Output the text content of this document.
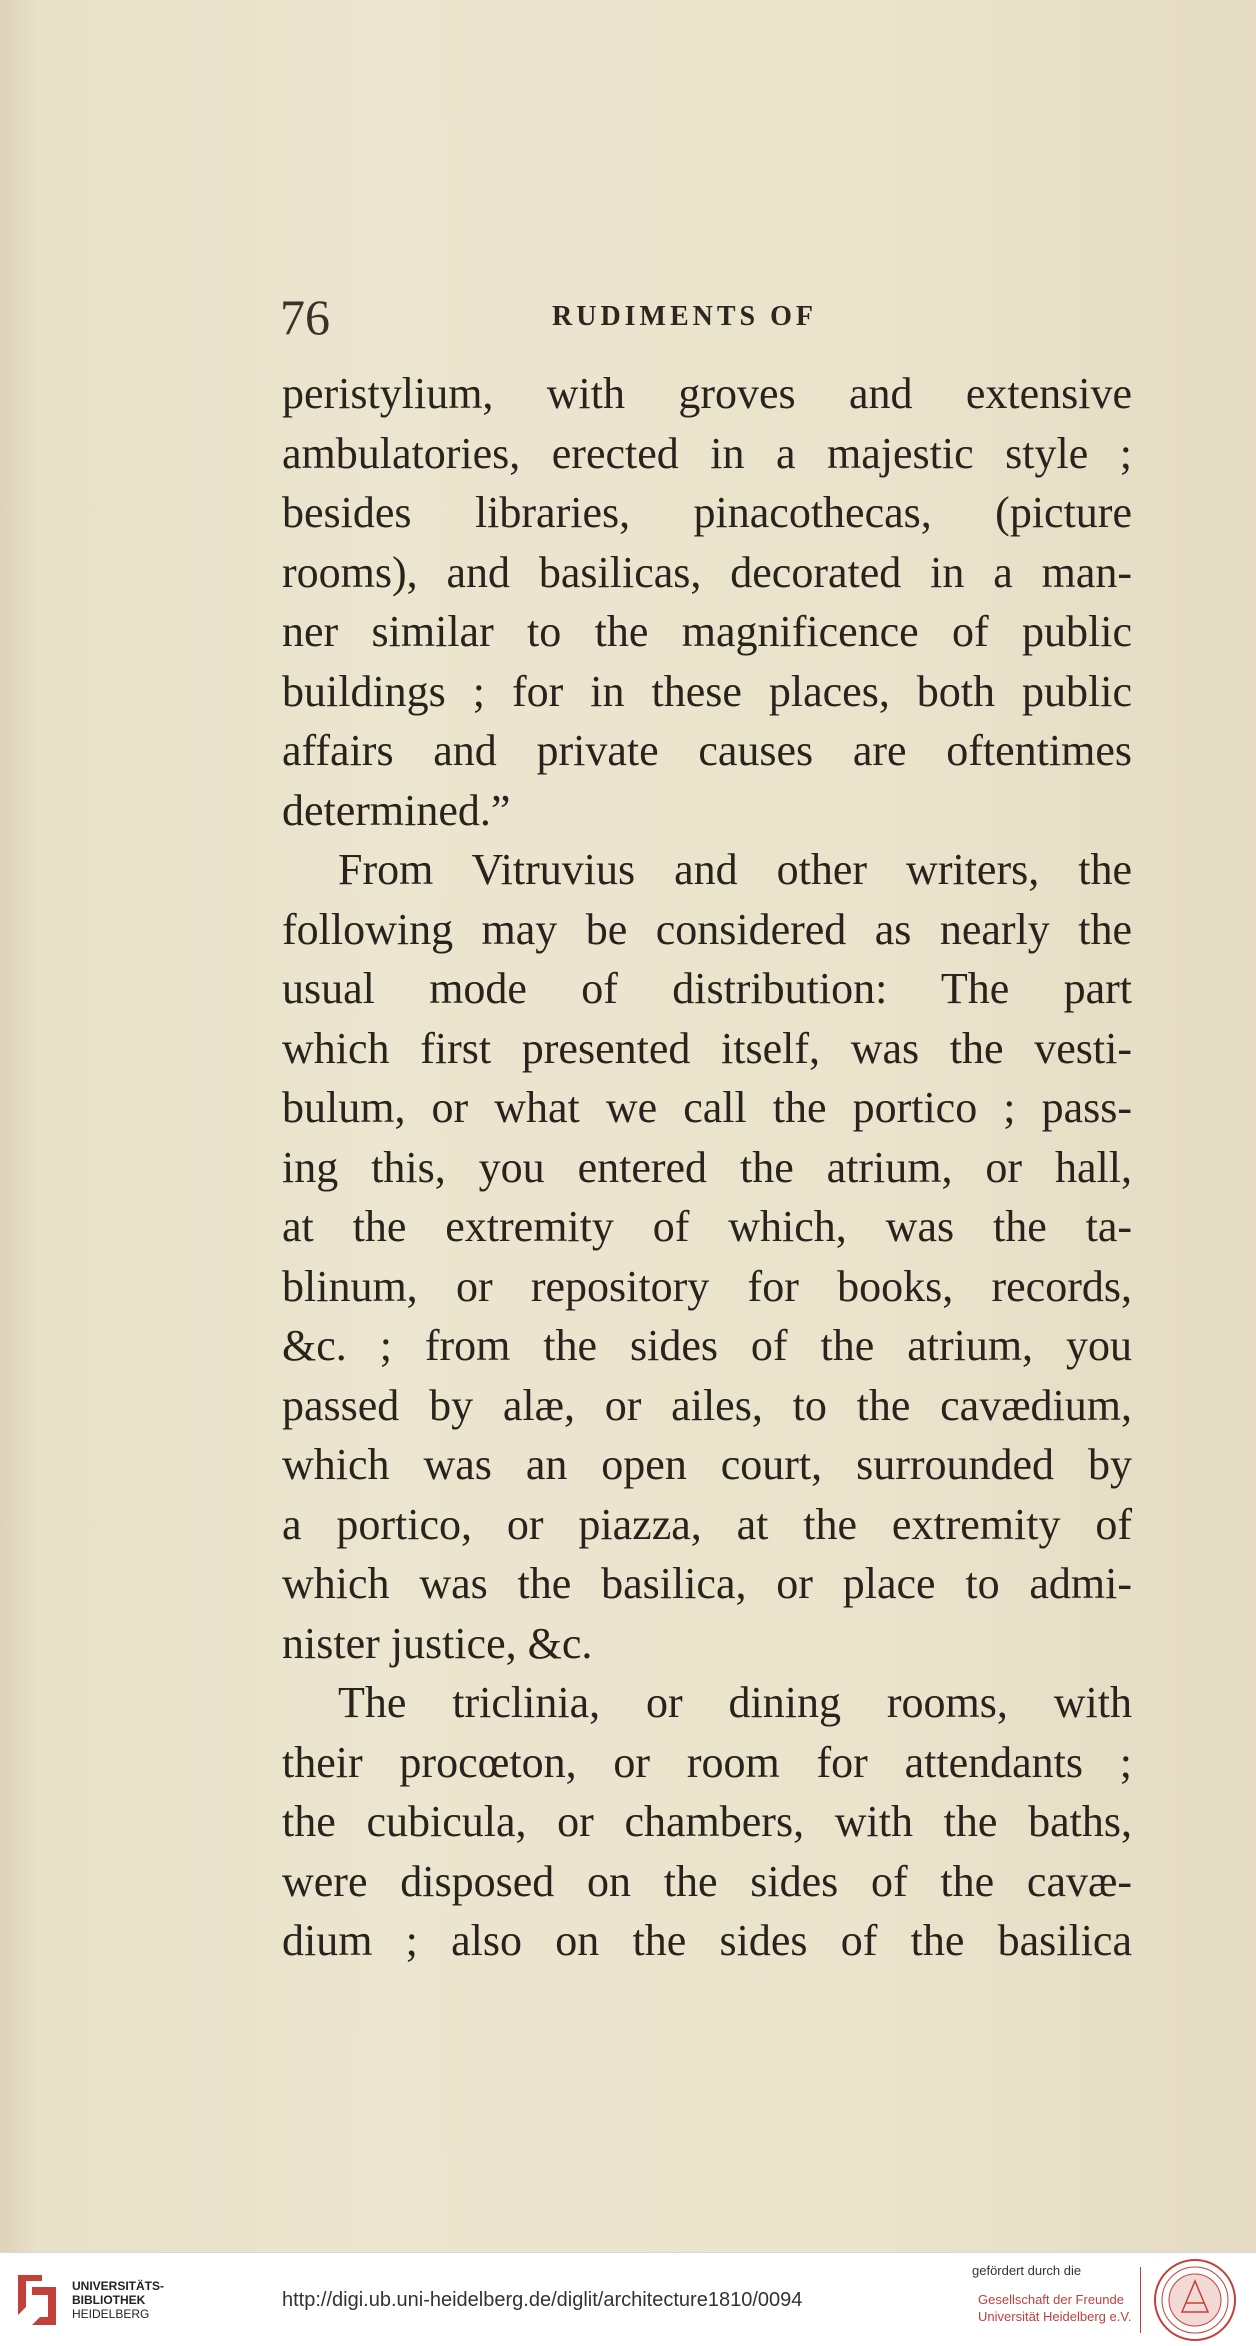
76	RUDIMENTS OF
peristylium, with groves and extensive
ambulatories, erected in a majestic style ;
besides libraries, pinacothecas, (picture
rooms), and basilicas, decorated in a man-
ner similar to the magnificence of public
buildings ; for in these places, both public
affairs and private causes are oftentimes
determined.”
From Vitruvius and other writers, the
following may be considered as nearly the
usual mode of distribution: The part
which first presented itself, was the vesti-
bulum, or what we call the portico ; pass-
ing this, you entered the atrium, or hall,
at the extremity of which, was the ta-
blinum, or repository for books, records,
&c. ; from the sides of the atrium, you
passed by alæ, or ailes, to the cavædium,
which was an open court, surrounded by
a portico, or piazza, at the extremity of
which was the basilica, or place to admi-
nister justice, &c.
The triclinia, or dining rooms, with
their procœton, or room for attendants ;
the cubicula, or chambers, with the baths,
were disposed on the sides of the cavæ-
dium ; also on the sides of the basilica
UNIVERSITÄTS-
BIBLIOTHEK
HEIDELBERG
http://digi.ub.uni-heidelberg.de/diglit/architecture1810/0094
gefördert durch die
Gesellschaft der Freunde
Universität Heidelberg e.V.
